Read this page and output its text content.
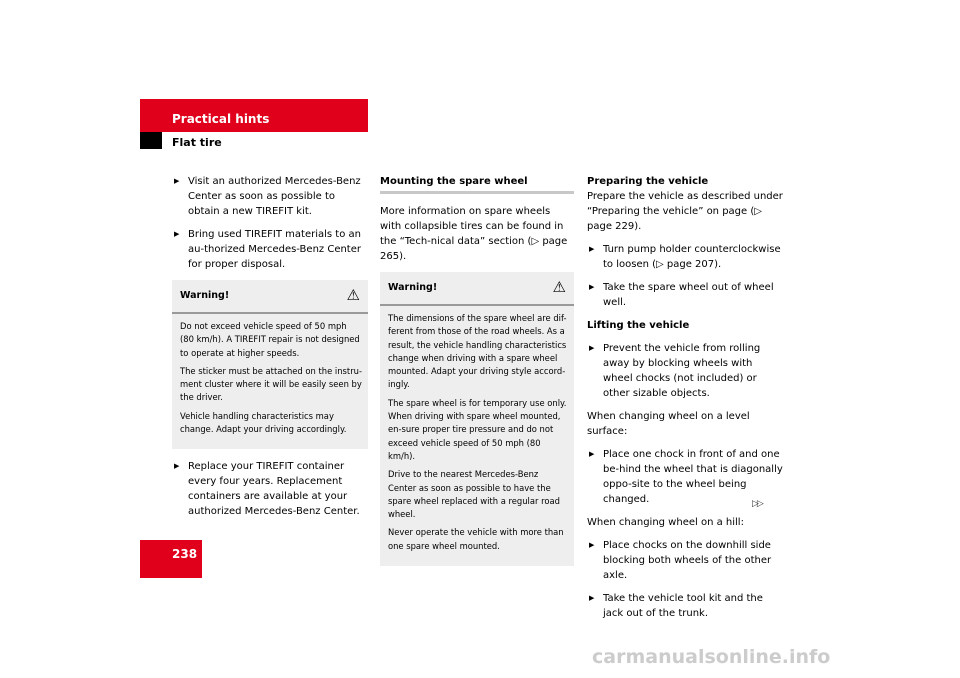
Practical hints
Flat tire
▶ Visit an authorized Mercedes-Benz Center as soon as possible to obtain a new TIREFIT kit.
▶ Bring used TIREFIT materials to an au-thorized Mercedes-Benz Center for proper disposal.
Warning!	⚠

Do not exceed vehicle speed of 50 mph (80 km/h). A TIREFIT repair is not designed to operate at higher speeds.

The sticker must be attached on the instru-ment cluster where it will be easily seen by the driver.

Vehicle handling characteristics may change. Adapt your driving accordingly.

▶ Replace your TIREFIT container every four years. Replacement containers are available at your authorized Mercedes-Benz Center.
Mounting the spare wheel

More information on spare wheels with collapsible tires can be found in the “Tech-nical data” section (▷ page 265).

Warning!	⚠

The dimensions of the spare wheel are dif-ferent from those of the road wheels. As a result, the vehicle handling characteristics change when driving with a spare wheel mounted. Adapt your driving style accord-ingly.

The spare wheel is for temporary use only. When driving with spare wheel mounted, en-sure proper tire pressure and do not exceed vehicle speed of 50 mph (80 km/h).

Drive to the nearest Mercedes-Benz Center as soon as possible to have the spare wheel replaced with a regular road wheel.

Never operate the vehicle with more than one spare wheel mounted.

Preparing the vehicle

Prepare the vehicle as described under “Preparing the vehicle” on page (▷ page 229).

▶ Turn pump holder counterclockwise to loosen (▷ page 207).
▶ Take the spare wheel out of wheel well.
Lifting the vehicle
▶ Prevent the vehicle from rolling away by blocking wheels with wheel chocks (not included) or other sizable objects.

When changing wheel on a level surface:

▶ Place one chock in front of and one be-hind the wheel that is diagonally oppo-site to the wheel being changed.

When changing wheel on a hill:

▶ Place chocks on the downhill side blocking both wheels of the other axle.
▶ Take the vehicle tool kit and the jack out of the trunk.
▷▷
238
carmanualsonline.info
